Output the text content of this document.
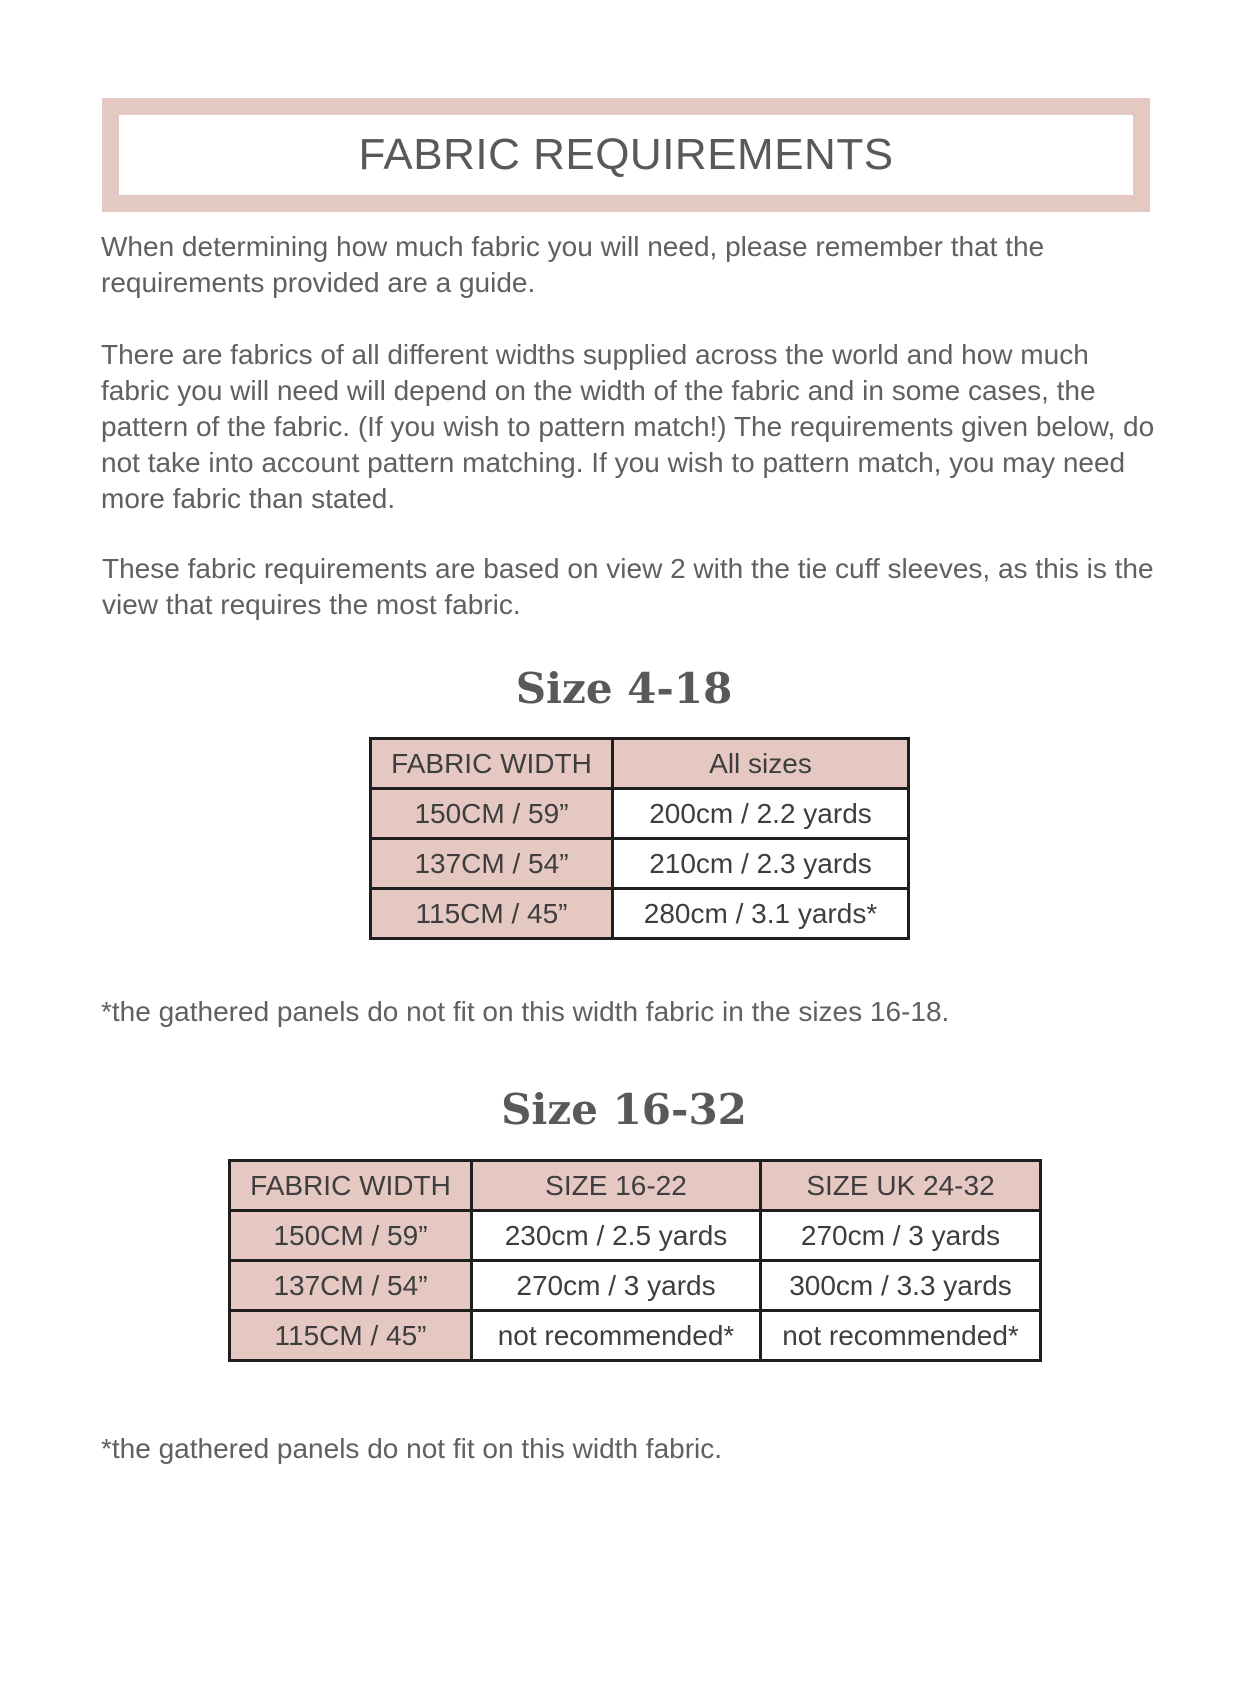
FABRIC REQUIREMENTS

When determining how much fabric you will need, please remember that the requirements provided are a guide.

There are fabrics of all different widths supplied across the world and how much fabric you will need will depend on the width of the fabric and in some cases, the pattern of the fabric. (If you wish to pattern match!) The requirements given below, do not take into account pattern matching. If you wish to pattern match, you may need more fabric than stated.

These fabric requirements are based on view 2 with the tie cuff sleeves, as this is the view that requires the most fabric.

Size 4-18
FABRIC WIDTH	All sizes
150CM / 59”	200cm / 2.2 yards
137CM / 54”	210cm / 2.3 yards
115CM / 45”	280cm / 3.1 yards*

*the gathered panels do not fit on this width fabric in the sizes 16-18.

Size 16-32
FABRIC WIDTH	SIZE 16-22	SIZE UK 24-32
150CM / 59”	230cm / 2.5 yards	270cm / 3 yards
137CM / 54”	270cm / 3 yards	300cm / 3.3 yards
115CM / 45”	not recommended*	not recommended*

*the gathered panels do not fit on this width fabric.
